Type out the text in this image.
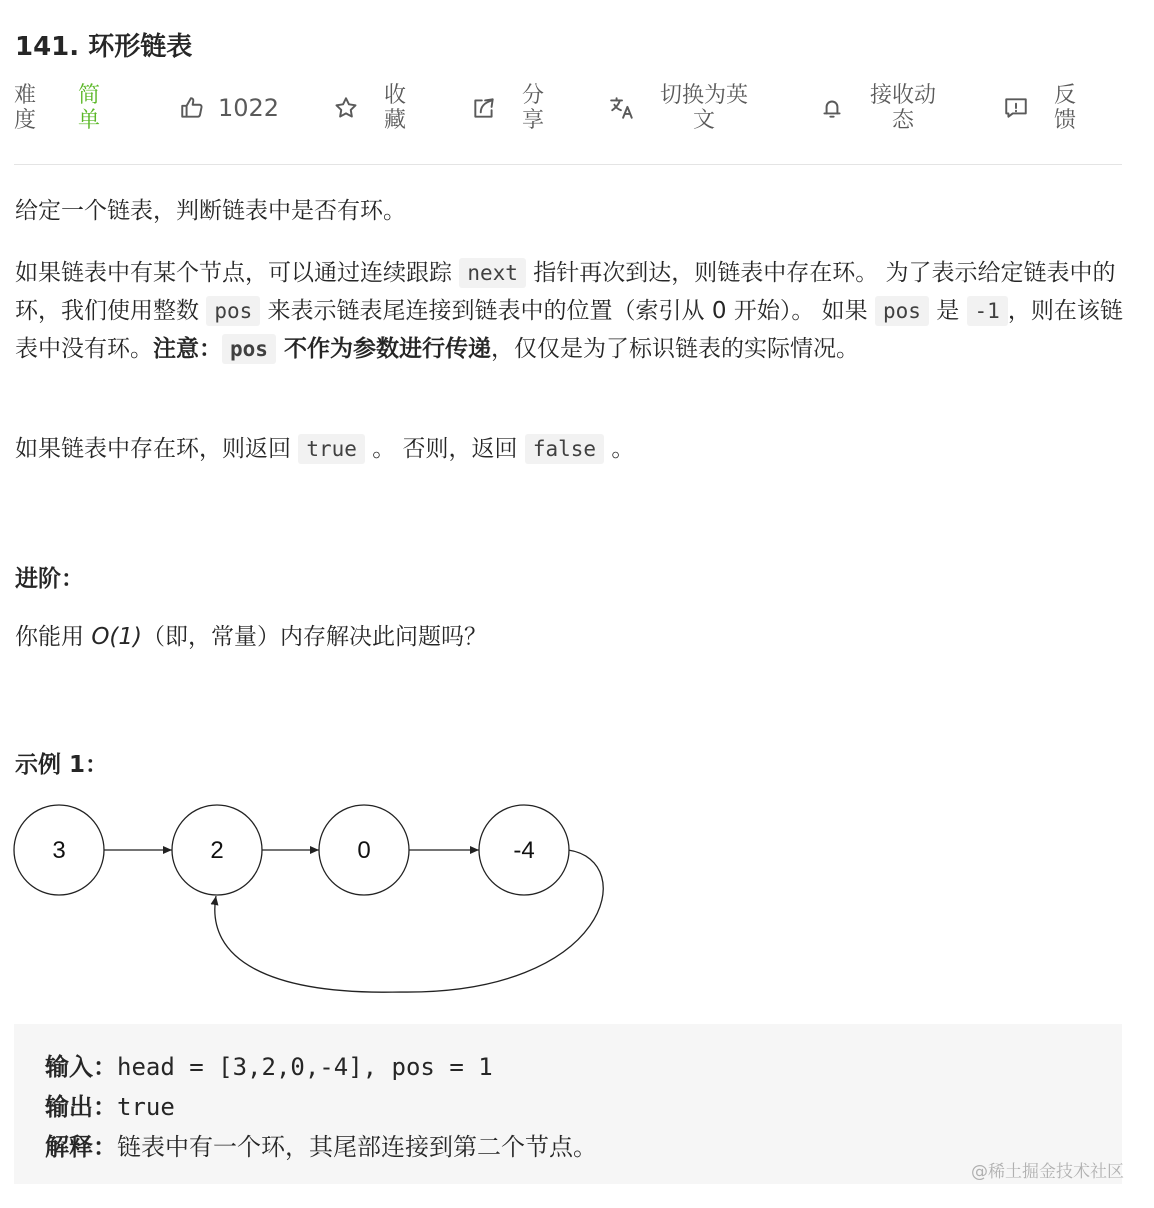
141. 环形链表
难
度
简
单	1022	收
藏
分
享
切换为英
文
接收动
态
反
馈
给定一个链表，判断链表中是否有环。
如果链表中有某个节点，可以通过连续跟踪 next 指针再次到达，则链表中存在环。 为了表示给定链表中的环，我们使用整数 pos 来表示链表尾连接到链表中的位置（索引从 0 开始）。 如果 pos 是 -1 ，则在该链表中没有环。注意： pos 不作为参数进行传递，仅仅是为了标识链表的实际情况。
如果链表中存在环，则返回 true 。 否则，返回 false 。
进阶：
你能用 O(1)（即，常量）内存解决此问题吗？
示例 1：
3	2	0	-4
输入：head = [3,2,0,-4], pos = 1
输出：true
解释：链表中有一个环，其尾部连接到第二个节点。
@稀土掘金技术社区
